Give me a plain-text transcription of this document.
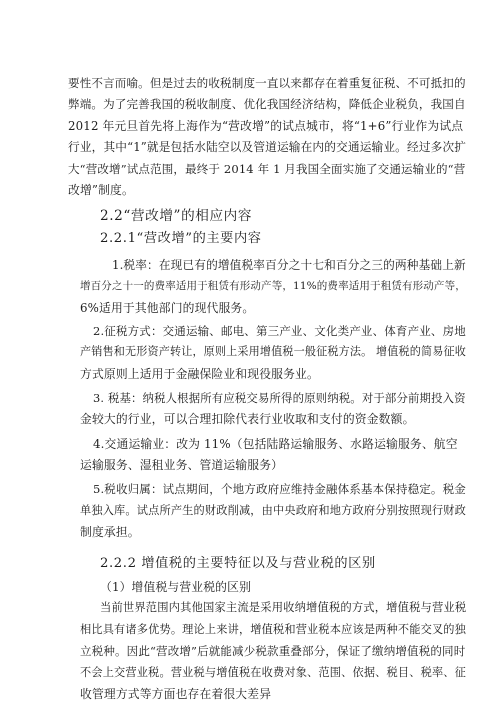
要性不言而喻。但是过去的收税制度一直以来都存在着重复征税、不可抵扣的
弊端。为了完善我国的税收制度、优化我国经济结构，降低企业税负，我国自
2012 年元旦首先将上海作为“营改增”的试点城市，将“1+6”行业作为试点
行业，其中“1”就是包括水陆空以及管道运输在内的交通运输业。经过多次扩
大“营改增”试点范围，最终于 2014 年 1 月我国全面实施了交通运输业的“营
改增”制度。
2.2“营改增”的相应内容
2.2.1“营改增”的主要内容
1.税率：在现已有的增值税率百分之十七和百分之三的两种基础上新
增百分之十一的费率适用于租赁有形动产等，11%的费率适用于租赁有形动产等，
6%适用于其他部门的现代服务。
2.征税方式：交通运输、邮电、第三产业、文化类产业、体育产业、房地
产销售和无形资产转让，原则上采用增值税一般征税方法。 增值税的简易征收
方式原则上适用于金融保险业和现役服务业。
3. 税基：纳税人根据所有应税交易所得的原则纳税。对于部分前期投入资
金较大的行业，可以合理扣除代表行业收取和支付的资金数额。
4.交通运输业：改为 11%（包括陆路运输服务、水路运输服务、航空
运输服务、湿租业务、管道运输服务）
5.税收归属：试点期间，个地方政府应维持金融体系基本保持稳定。税金
单独入库。试点所产生的财政削减，由中央政府和地方政府分别按照现行财政
制度承担。
2.2.2 增值税的主要特征以及与营业税的区别
（1）增值税与营业税的区别
当前世界范围内其他国家主流是采用收纳增值税的方式，增值税与营业税
相比具有诸多优势。理论上来讲，增值税和营业税本应该是两种不能交叉的独
立税种。因此“营改增”后就能减少税款重叠部分，保证了缴纳增值税的同时
不会上交营业税。营业税与增值税在收费对象、范围、依据、税目、税率、征
收管理方式等方面也存在着很大差异
